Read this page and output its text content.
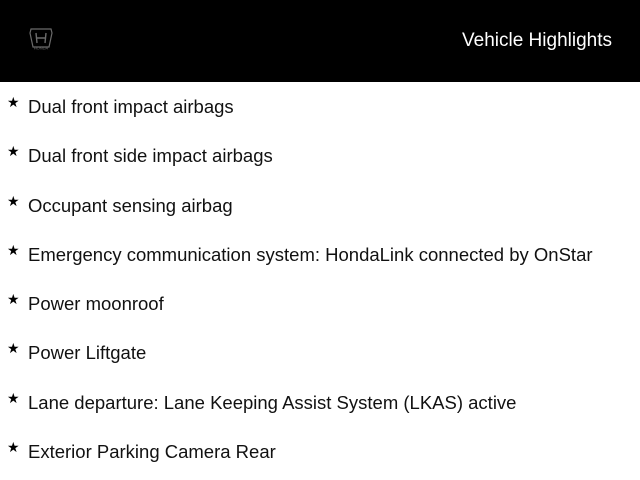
HONDA	Vehicle Highlights
★ Dual front impact airbags
★ Dual front side impact airbags
★ Occupant sensing airbag
★ Emergency communication system: HondaLink connected by OnStar
★ Power moonroof
★ Power Liftgate
★ Lane departure: Lane Keeping Assist System (LKAS) active
★ Exterior Parking Camera Rear
